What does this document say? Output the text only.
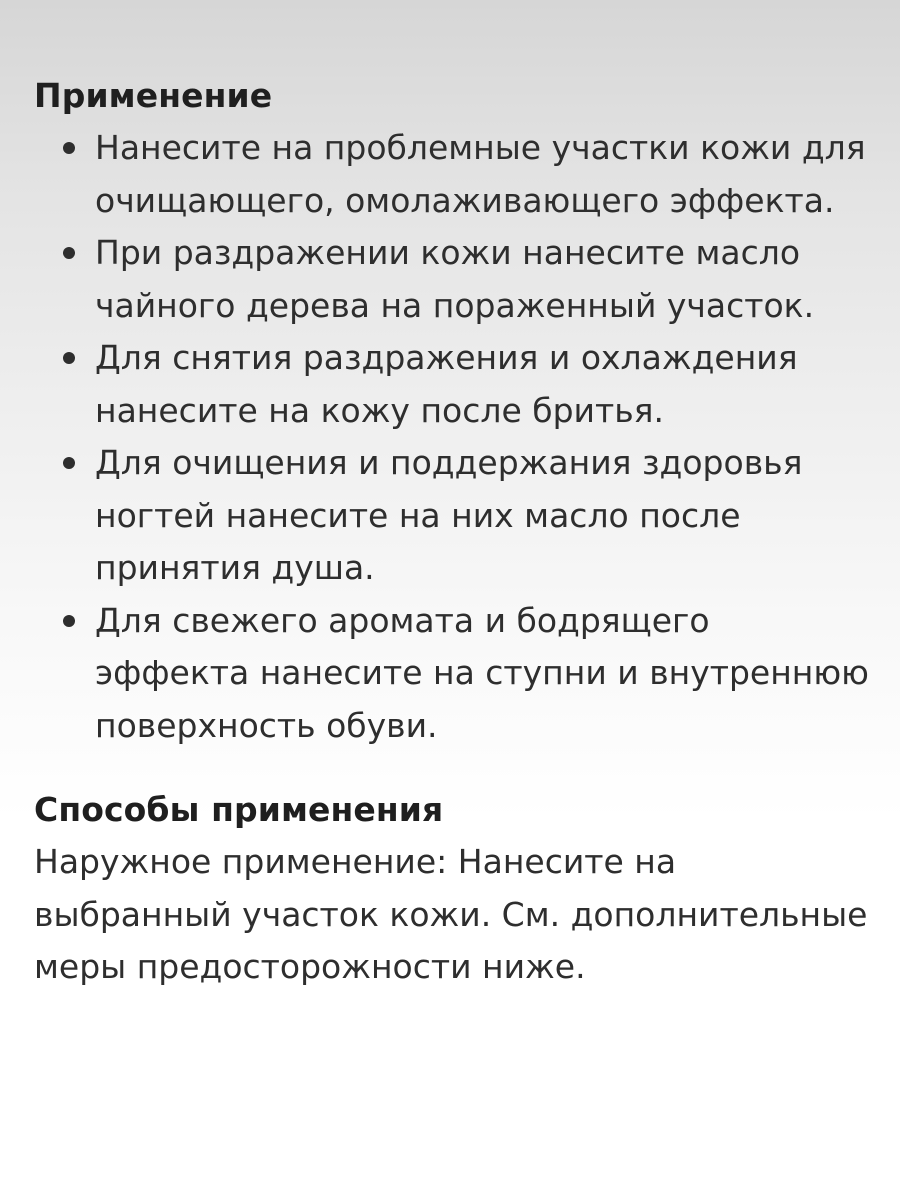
Применение
Нанесите на проблемные участки кожи для очищающего, омолаживающего эффекта.
При раздражении кожи нанесите масло чайного дерева на пораженный участок.
Для снятия раздражения и охлаждения нанесите на кожу после бритья.
Для очищения и поддержания здоровья ногтей нанесите на них масло после принятия душа.
Для свежего аромата и бодрящего эффекта нанесите на ступни и внутреннюю поверхность обуви.
Способы применения

Наружное применение: Нанесите на выбранный участок кожи. См. дополнительные меры предосторожности ниже.
